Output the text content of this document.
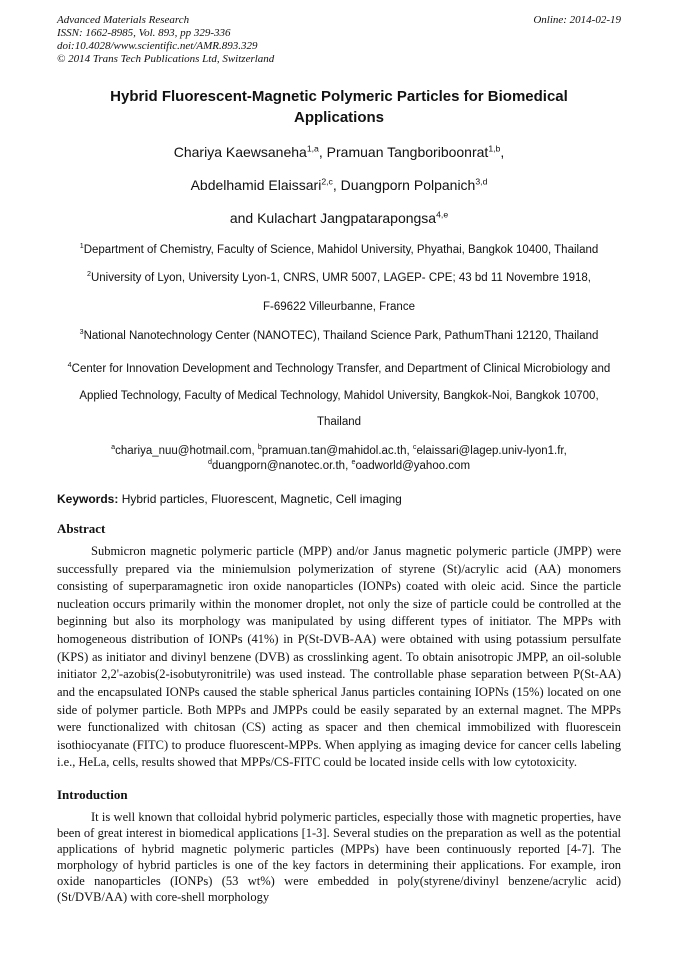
Advanced Materials Research
ISSN: 1662-8985, Vol. 893, pp 329-336
doi:10.4028/www.scientific.net/AMR.893.329
© 2014 Trans Tech Publications Ltd, Switzerland
Online: 2014-02-19
Hybrid Fluorescent-Magnetic Polymeric Particles for Biomedical Applications
Chariya Kaewsaneha$^{1,a}$, Pramuan Tangboriboonrat$^{1,b}$,
Abdelhamid Elaissari$^{2,c}$, Duangporn Polpanich$^{3,d}$
and Kulachart Jangpatarapongsa$^{4,e}$
$^1$Department of Chemistry, Faculty of Science, Mahidol University, Phyathai, Bangkok 10400, Thailand
$^2$University of Lyon, University Lyon-1, CNRS, UMR 5007, LAGEP- CPE; 43 bd 11 Novembre 1918,
F-69622 Villeurbanne, France
$^3$National Nanotechnology Center (NANOTEC), Thailand Science Park, PathumThani 12120, Thailand
$^4$Center for Innovation Development and Technology Transfer, and Department of Clinical Microbiology and Applied Technology, Faculty of Medical Technology, Mahidol University, Bangkok-Noi, Bangkok 10700, Thailand
$^a$chariya_nuu@hotmail.com, $^b$pramuan.tan@mahidol.ac.th, $^c$elaissari@lagep.univ-lyon1.fr, $^d$duangporn@nanotec.or.th, $^e$oadworld@yahoo.com

Keywords: Hybrid particles, Fluorescent, Magnetic, Cell imaging

Abstract

Submicron magnetic polymeric particle (MPP) and/or Janus magnetic polymeric particle (JMPP) were successfully prepared via the miniemulsion polymerization of styrene (St)/acrylic acid (AA) monomers consisting of superparamagnetic iron oxide nanoparticles (IONPs) coated with oleic acid. Since the particle nucleation occurs primarily within the monomer droplet, not only the size of particle could be controlled at the beginning but also its morphology was manipulated by using different types of initiator. The MPPs with homogeneous distribution of IONPs (41%) in P(St-DVB-AA) were obtained with using potassium persulfate (KPS) as initiator and divinyl benzene (DVB) as crosslinking agent. To obtain anisotropic JMPP, an oil-soluble initiator 2,2'-azobis(2-isobutyronitrile) was used instead. The controllable phase separation between P(St-AA) and the encapsulated IONPs caused the stable spherical Janus particles containing IOPNs (15%) located on one side of polymer particle. Both MPPs and JMPPs could be easily separated by an external magnet. The MPPs were functionalized with chitosan (CS) acting as spacer and then chemical immobilized with fluorescein isothiocyanate (FITC) to produce fluorescent-MPPs. When applying as imaging device for cancer cells labeling i.e., HeLa, cells, results showed that MPPs/CS-FITC could be located inside cells with low cytotoxicity.

Introduction

It is well known that colloidal hybrid polymeric particles, especially those with magnetic properties, have been of great interest in biomedical applications [1-3]. Several studies on the preparation as well as the potential applications of hybrid magnetic polymeric particles (MPPs) have been continuously reported [4-7]. The morphology of hybrid particles is one of the key factors in determining their applications. For example, iron oxide nanoparticles (IONPs) (53 wt%) were embedded in poly(styrene/divinyl benzene/acrylic acid) (St/DVB/AA) with core-shell morphology
